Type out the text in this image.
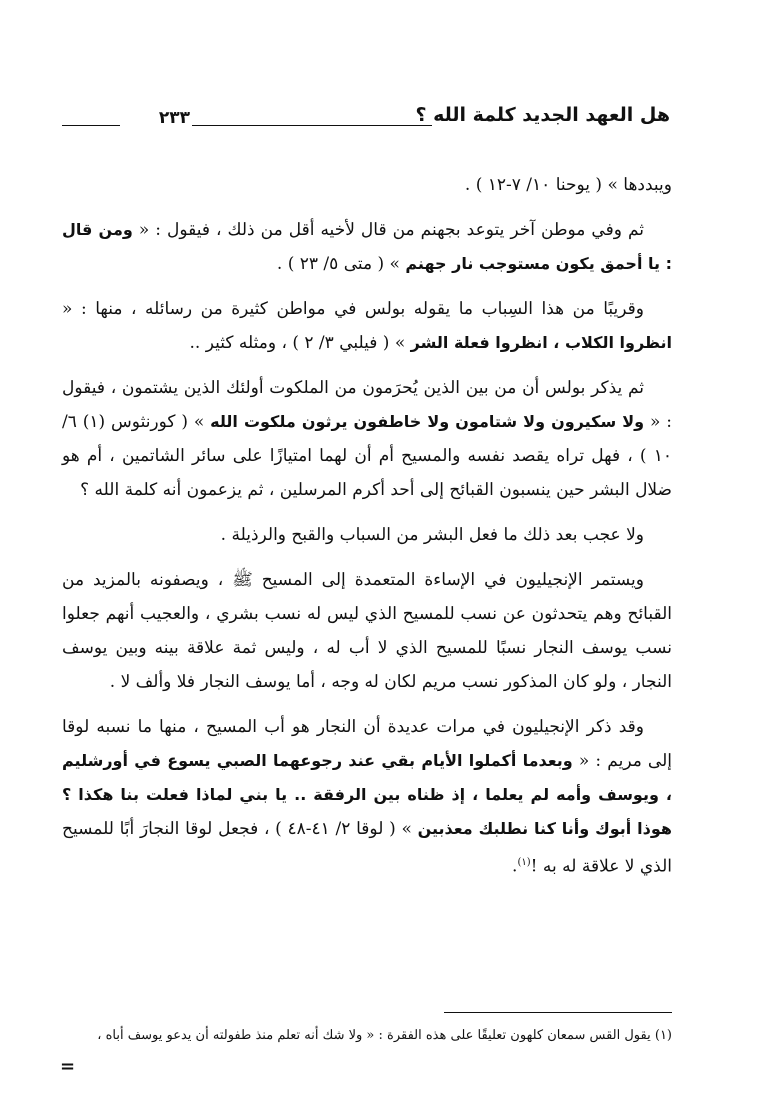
هل العهد الجديد كلمة الله ؟
٢٣٣

ويبددها » ( يوحنا ١٠/ ٧-١٢ ) .

ثم وفي موطن آخر يتوعد بجهنم من قال لأخيه أقل من ذلك ، فيقول : « ومن قال : يا أحمق يكون مستوجب نار جهنم » ( متى ٥/ ٢٣ ) .

وقريبًا من هذا السِباب ما يقوله بولس في مواطن كثيرة من رسائله ، منها : « انظروا الكلاب ، انظروا فعلة الشر » ( فيلبي ٣/ ٢ ) ، ومثله كثير ..

ثم يذكر بولس أن من بين الذين يُحرَمون من الملكوت أولئك الذين يشتمون ، فيقول : « ولا سكيرون ولا شتامون ولا خاطفون يرثون ملكوت الله » ( كورنثوس (١) ٦/ ١٠ ) ، فهل تراه يقصد نفسه والمسيح أم أن لهما امتيازًا على سائر الشاتمين ، أم هو ضلال البشر حين ينسبون القبائح إلى أحد أكرم المرسلين ، ثم يزعمون أنه كلمة الله ؟

ولا عجب بعد ذلك ما فعل البشر من السباب والقبح والرذيلة .

ويستمر الإنجيليون في الإساءة المتعمدة إلى المسيح ﷺ ، ويصفونه بالمزيد من القبائح وهم يتحدثون عن نسب للمسيح الذي ليس له نسب بشري ، والعجيب أنهم جعلوا نسب يوسف النجار نسبًا للمسيح الذي لا أب له ، وليس ثمة علاقة بينه وبين يوسف النجار ، ولو كان المذكور نسب مريم لكان له وجه ، أما يوسف النجار فلا وألف لا .

وقد ذكر الإنجيليون في مرات عديدة أن النجار هو أب المسيح ، منها ما نسبه لوقا إلى مريم : « وبعدما أكملوا الأيام بقي عند رجوعهما الصبي يسوع في أورشليم ، ويوسف وأمه لم يعلما ، إذ ظناه بين الرفقة .. يا بني لماذا فعلت بنا هكذا ؟ هوذا أبوك وأنا كنا نطلبك معذبين » ( لوقا ٢/ ٤١-٤٨ ) ، فجعل لوقا النجارَ أبًا للمسيح الذي لا علاقة له به !$^{(١)}$.

(١) يقول القس سمعان كلهون تعليقًا على هذه الفقرة : « ولا شك أنه تعلم منذ طفولته أن يدعو يوسف أباه ،
=
